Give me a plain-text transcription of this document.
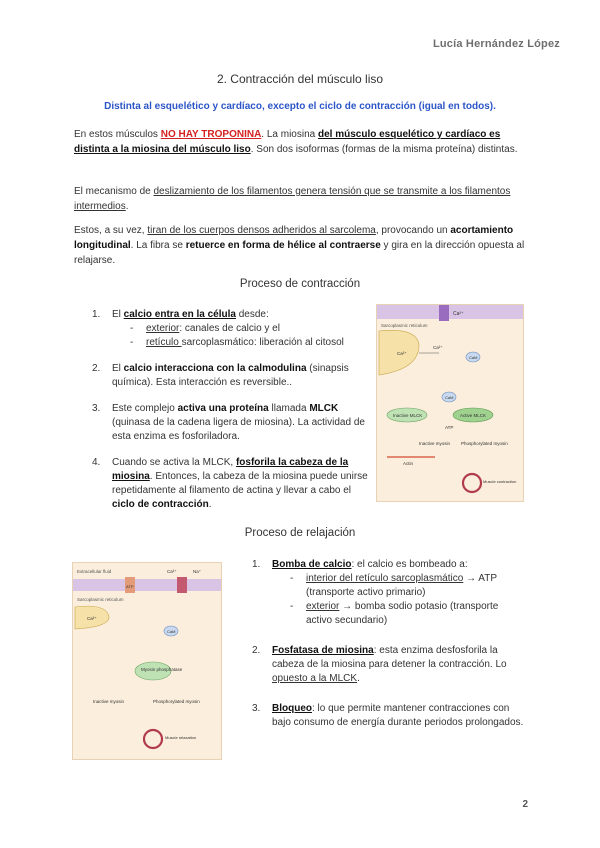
Lucía Hernández López
2. Contracción del músculo liso
Distinta al esquelético y cardíaco, excepto el ciclo de contracción (igual en todos).

En estos músculos NO HAY TROPONINA. La miosina del músculo esquelético y cardíaco es distinta a la miosina del músculo liso. Son dos isoformas (formas de la misma proteína) distintas.

El mecanismo de deslizamiento de los filamentos genera tensión que se transmite a los filamentos intermedios.

Estos, a su vez, tiran de los cuerpos densos adheridos al sarcolema, provocando un acortamiento longitudinal. La fibra se retuerce en forma de hélice al contraerse y gira en la dirección opuesta al relajarse.

Proceso de contracción
1. El calcio entra en la célula desde:
- exterior: canales de calcio y el
- retículo sarcoplasmático: liberación al citosol
2. El calcio interacciona con la calmodulina (sinapsis química). Esta interacción es reversible..
3. Este complejo activa una proteína llamada MLCK (quinasa de la cadena ligera de miosina). La actividad de esta enzima es fosforiladora.
4. Cuando se activa la MLCK, fosforila la cabeza de la miosina. Entonces, la cabeza de la miosina puede unirse repetidamente al filamento de actina y llevar a cabo el ciclo de contracción.
Ca²⁺
Sarcoplasmic reticulum
Ca²⁺
Ca²⁺
CaM
CaM
Inactive MLCK	Active MLCK
ATP
Inactive myosin Phosphorylated myosin
Actin
Muscle contraction
Proceso de relajación
Extracellular fluid
ATP
Ca²⁺	Na⁺
Sarcoplasmic reticulum
Ca²⁺
CaM
Myosin phosphatase
Inactive myosin	Phosphorylated myosin
Muscle relaxation
1. Bomba de calcio: el calcio es bombeado a:
- interior del retículo sarcoplasmático → ATP (transporte activo primario)
- exterior → bomba sodio potasio (transporte activo secundario)
2. Fosfatasa de miosina: esta enzima desfosforila la cabeza de la miosina para detener la contracción. Lo opuesto a la MLCK.
3. Bloqueo: lo que permite mantener contracciones con bajo consumo de energía durante periodos prolongados.
2
